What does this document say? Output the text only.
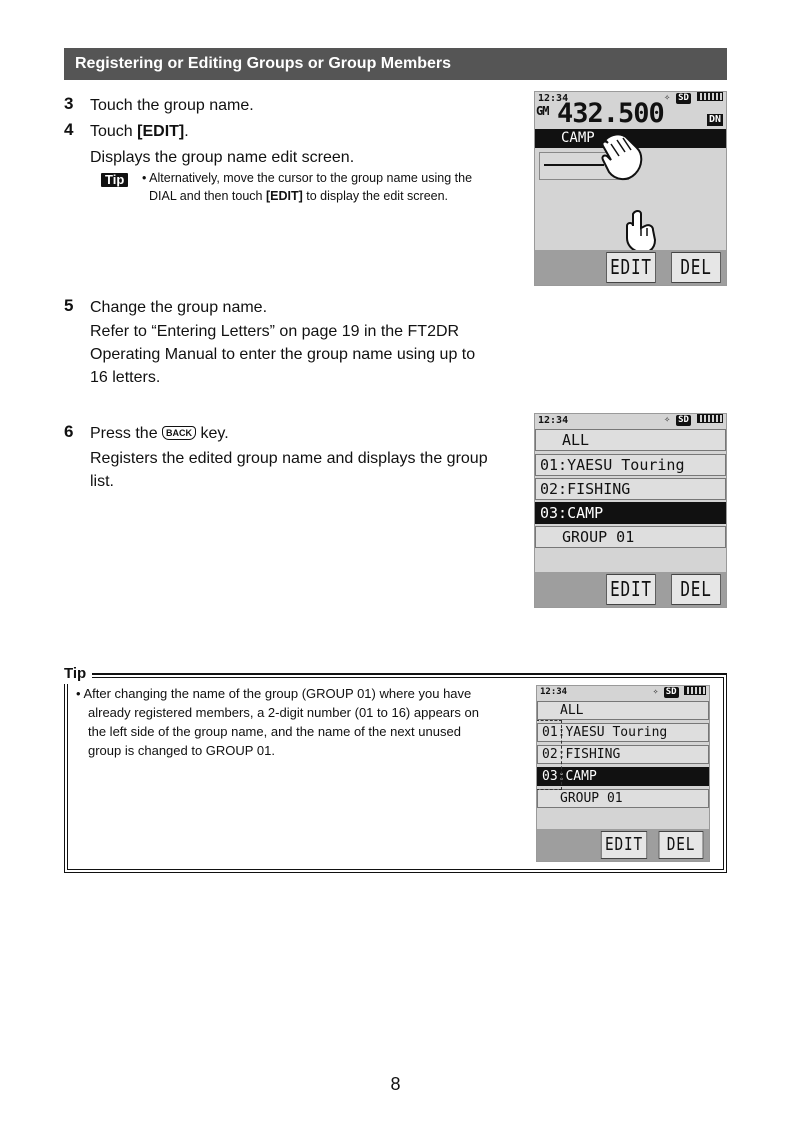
Registering or Editing Groups or Group Members
3 Touch the group name.
4 Touch [EDIT].
Displays the group name edit screen.
Tip	• Alternatively, move the cursor to the group name using the
DIAL and then touch [EDIT] to display the edit screen.
12:34	✧ SD
GM 432.500	DN
CAMP
EDIT	DEL
5 Change the group name.
Refer to “Entering Letters” on page 19 in the FT2DR
Operating Manual to enter the group name using up to
16 letters.
6 Press the BACK key.
Registers the edited group name and displays the group
list.
12:34	✧ SD
ALL
01:YAESU Touring
02:FISHING
03:CAMP
GROUP 01
EDIT	DEL
Tip
• After changing the name of the group (GROUP 01) where you have
already registered members, a 2-digit number (01 to 16) appears on
the left side of the group name, and the name of the next unused
group is changed to GROUP 01.
12:34	✧ SD
ALL
01:YAESU Touring
02:FISHING
03:CAMP
GROUP 01
EDIT	DEL
8
